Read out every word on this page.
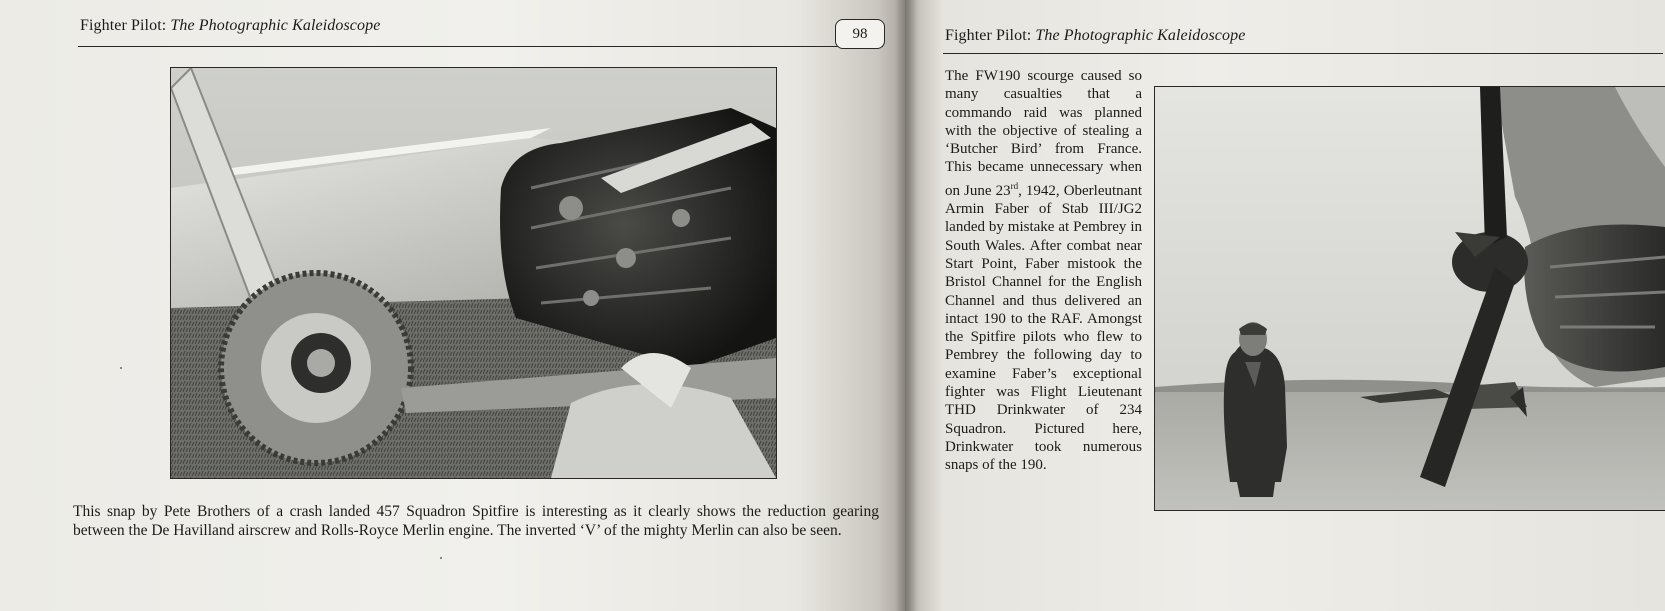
Fighter Pilot: The Photographic Kaleidoscope	98

This snap by Pete Brothers of a crash landed 457 Squadron Spitfire is interesting as it clearly shows the reduction gearing between the De Havilland airscrew and Rolls-Royce Merlin engine. The inverted ‘V’ of the mighty Merlin can also be seen.

Fighter Pilot: The Photographic Kaleidoscope

The FW190 scourge caused so many casualties that a commando raid was planned with the objective of stealing a ‘Butcher Bird’ from France. This became unnecessary when on June 23rd, 1942, Oberleutnant Armin Faber of Stab III/JG2 landed by mistake at Pembrey in South Wales. After combat near Start Point, Faber mistook the Bristol Channel for the English Channel and thus delivered an intact 190 to the RAF. Amongst the Spitfire pilots who flew to Pembrey the following day to examine Faber’s exceptional fighter was Flight Lieutenant THD Drinkwater of 234 Squadron. Pictured here, Drinkwater took numerous snaps of the 190.
